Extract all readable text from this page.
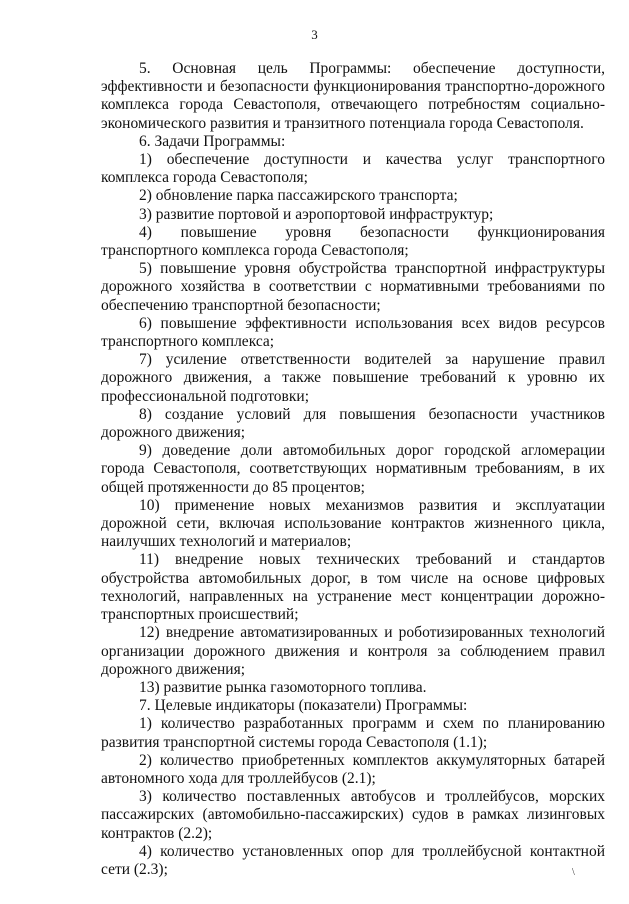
3

5. Основная цель Программы: обеспечение доступности, эффективности и безопасности функционирования транспортно-дорожного комплекса города Севастополя, отвечающего потребностям социально-экономического развития и транзитного потенциала города Севастополя.

6. Задачи Программы:

1) обеспечение доступности и качества услуг транспортного комплекса города Севастополя;

2) обновление парка пассажирского транспорта;

3) развитие портовой и аэропортовой инфраструктур;

4) повышение уровня безопасности функционирования транспортного комплекса города Севастополя;

5) повышение уровня обустройства транспортной инфраструктуры дорожного хозяйства в соответствии с нормативными требованиями по обеспечению транспортной безопасности;

6) повышение эффективности использования всех видов ресурсов транспортного комплекса;

7) усиление ответственности водителей за нарушение правил дорожного движения, а также повышение требований к уровню их профессиональной подготовки;

8) создание условий для повышения безопасности участников дорожного движения;

9) доведение доли автомобильных дорог городской агломерации города Севастополя, соответствующих нормативным требованиям, в их общей протяженности до 85 процентов;

10) применение новых механизмов развития и эксплуатации дорожной сети, включая использование контрактов жизненного цикла, наилучших технологий и материалов;

11) внедрение новых технических требований и стандартов обустройства автомобильных дорог, в том числе на основе цифровых технологий, направленных на устранение мест концентрации дорожно-транспортных происшествий;

12) внедрение автоматизированных и роботизированных технологий организации дорожного движения и контроля за соблюдением правил дорожного движения;

13) развитие рынка газомоторного топлива.

7. Целевые индикаторы (показатели) Программы:

1) количество разработанных программ и схем по планированию развития транспортной системы города Севастополя (1.1);

2) количество приобретенных комплектов аккумуляторных батарей автономного хода для троллейбусов (2.1);

3) количество поставленных автобусов и троллейбусов, морских пассажирских (автомобильно-пассажирских) судов в рамках лизинговых контрактов (2.2);

4) количество установленных опор для троллейбусной контактной сети (2.3);	\
